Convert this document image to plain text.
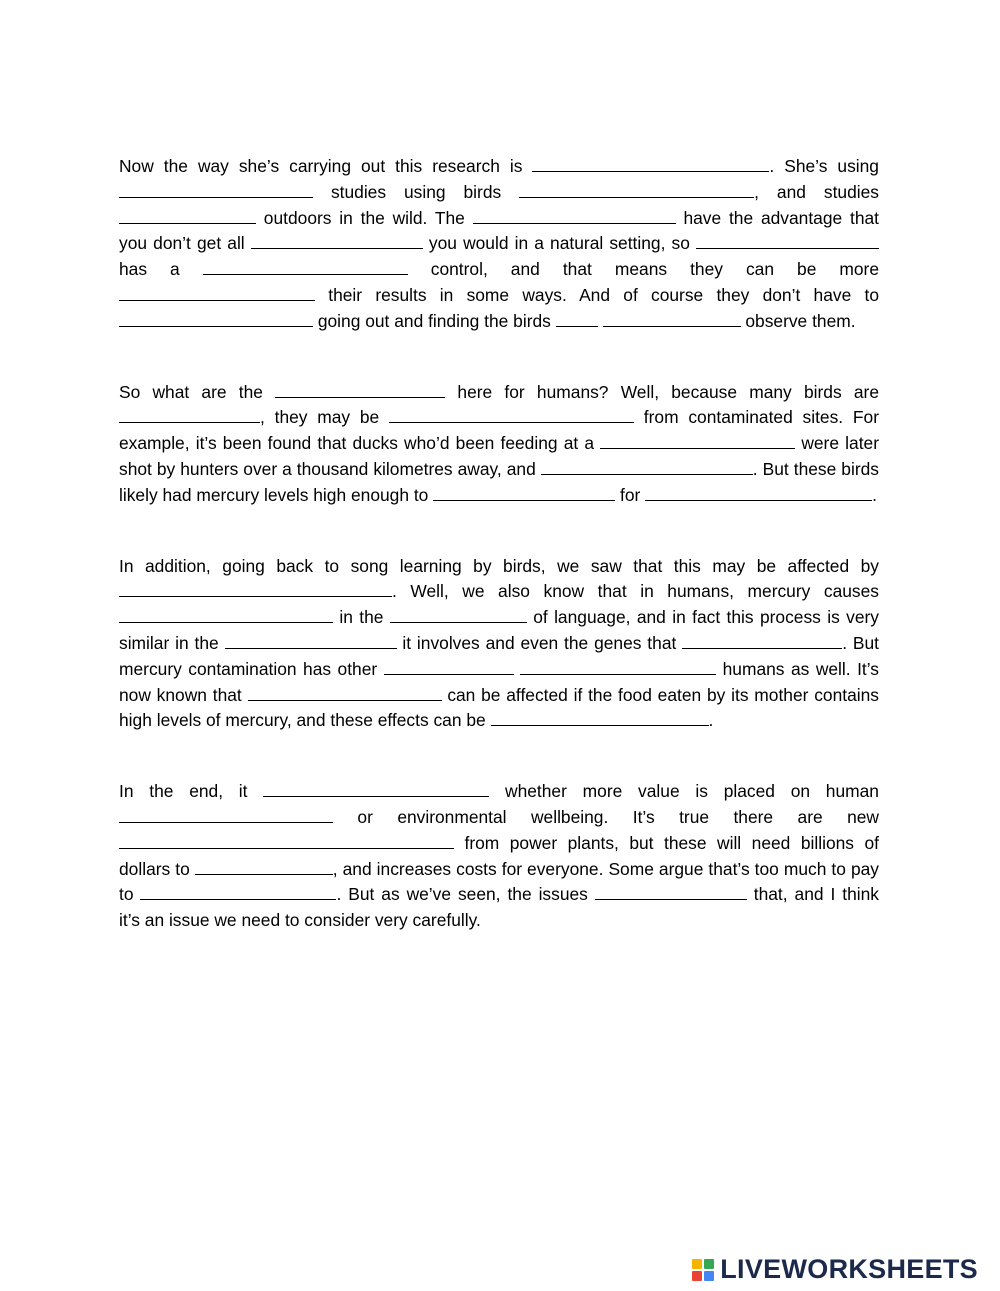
Now the way she’s carrying out this research is	. She’s using  studies using birds	, and studies  outdoors in the wild. The	have the advantage that you don’t get all	you would in a natural setting, so  has a	control, and that means they can be more  their results in some ways. And of course they don’t have to  going out and finding the birds	observe them.

So what are the	here for humans? Well, because many birds are , they may be	from contaminated sites. For example, it’s been found that ducks who’d been feeding at a	were later shot by hunters over a thousand kilometres away, and	. But these birds likely had mercury levels high enough to	for	.

In addition, going back to song learning by birds, we saw that this may be affected by . Well, we also know that in humans, mercury causes  in the	of language, and in fact this process is very similar in the	it involves and even the genes that	. But mercury contamination has other	humans as well. It’s now known that	can be affected if the food eaten by its mother contains high levels of mercury, and these effects can be	.

In the end, it	whether more value is placed on human  or environmental wellbeing. It’s true there are new  from power plants, but these will need billions of dollars to	, and increases costs for everyone. Some argue that’s too much to pay to	. But as we’ve seen, the issues	that, and I think it’s an issue we need to consider very carefully.

LIVEWORKSHEETS
